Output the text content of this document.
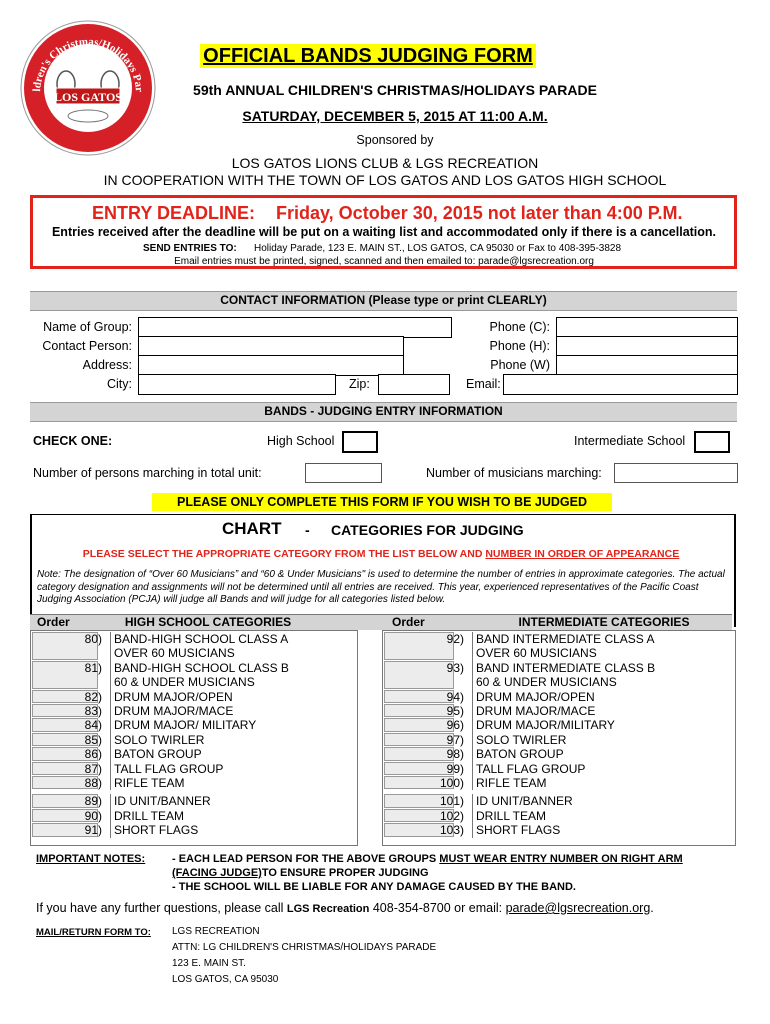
ldren's Christmas/Holidays Par
LOS GATOS
OFFICIAL BANDS JUDGING FORM
59th ANNUAL CHILDREN'S CHRISTMAS/HOLIDAYS PARADE
SATURDAY, DECEMBER 5, 2015 AT 11:00 A.M.
Sponsored by
LOS GATOS LIONS CLUB & LGS RECREATION
IN COOPERATION WITH THE TOWN OF LOS GATOS AND LOS GATOS HIGH SCHOOL
ENTRY DEADLINE: Friday, October 30, 2015 not later than 4:00 P.M.
Entries received after the deadline will be put on a waiting list and accommodated only if there is a cancellation.
SEND ENTRIES TO: Holiday Parade, 123 E. MAIN ST., LOS GATOS, CA 95030 or Fax to 408-395-3828
Email entries must be printed, signed, scanned and then emailed to: parade@lgsrecreation.org
CONTACT INFORMATION (Please type or print CLEARLY)
Name of Group:	Phone (C):
Contact Person:	Phone (H):
Address:	Phone (W)
City:	Zip:	Email:
BANDS - JUDGING ENTRY INFORMATION
CHECK ONE:	High School	Intermediate School
Number of persons marching in total unit:	Number of musicians marching:
PLEASE ONLY COMPLETE THIS FORM IF YOU WISH TO BE JUDGED
CHART - CATEGORIES FOR JUDGING
PLEASE SELECT THE APPROPRIATE CATEGORY FROM THE LIST BELOW AND NUMBER IN ORDER OF APPEARANCE
Note: The designation of “Over 60 Musicians” and “60 & Under Musicians" is used to determine the number of entries in approximate categories. The actual category designation and assignments will not be determined until all entries are received. This year, experienced representatives of the Pacific Coast Judging Association (PCJA) will judge all Bands and will judge for all categories listed below.
Order	HIGH SCHOOL CATEGORIES	Order	INTERMEDIATE CATEGORIES
80) BAND-HIGH SCHOOL CLASS A
OVER 60 MUSICIANS
81) BAND-HIGH SCHOOL CLASS B
60 & UNDER MUSICIANS
82) DRUM MAJOR/OPEN
83) DRUM MAJOR/MACE
84) DRUM MAJOR/ MILITARY
85) SOLO TWIRLER
86) BATON GROUP
87) TALL FLAG GROUP
88) RIFLE TEAM
89) ID UNIT/BANNER
90) DRILL TEAM
91) SHORT FLAGS
92) BAND INTERMEDIATE CLASS A
OVER 60 MUSICIANS
93) BAND INTERMEDIATE CLASS B
60 & UNDER MUSICIANS
94) DRUM MAJOR/OPEN
95) DRUM MAJOR/MACE
96) DRUM MAJOR/MILITARY
97) SOLO TWIRLER
98) BATON GROUP
99) TALL FLAG GROUP
100) RIFLE TEAM
101) ID UNIT/BANNER
102) DRILL TEAM
103) SHORT FLAGS
IMPORTANT NOTES: - EACH LEAD PERSON FOR THE ABOVE GROUPS MUST WEAR ENTRY NUMBER ON RIGHT ARM
(FACING JUDGE)TO ENSURE PROPER JUDGING
- THE SCHOOL WILL BE LIABLE FOR ANY DAMAGE CAUSED BY THE BAND.
If you have any further questions, please call LGS Recreation 408-354-8700 or email: parade@lgsrecreation.org.
MAIL/RETURN FORM TO: LGS RECREATION
ATTN: LG CHILDREN'S CHRISTMAS/HOLIDAYS PARADE
123 E. MAIN ST.
LOS GATOS, CA 95030
